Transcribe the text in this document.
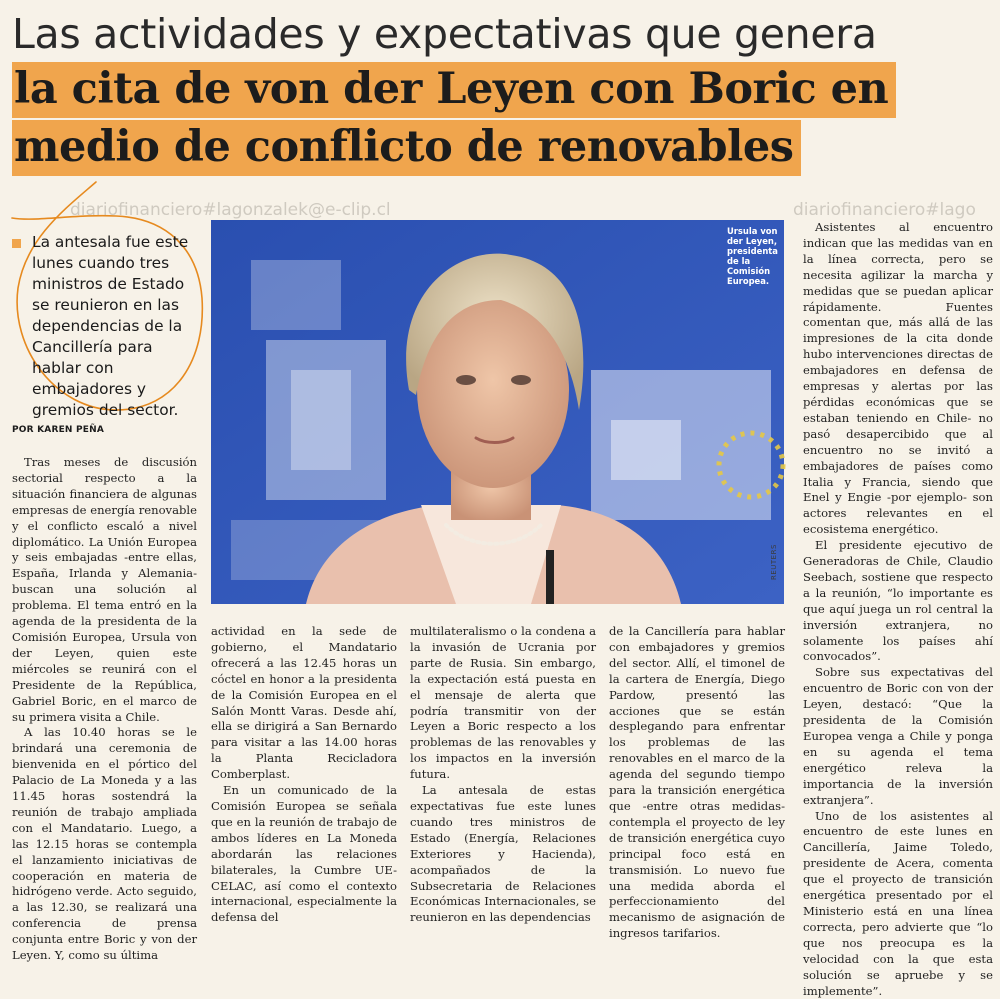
Las actividades y expectativas que genera
la cita de von der Leyen con Boric en
medio de conflicto de renovables
diariofinanciero#lagonzalek@e-clip.cl	diariofinanciero#lago
La antesala fue este lunes cuando tres ministros de Estado se reunieron en las dependencias de la Cancillería para hablar con embajadores y gremios del sector.
POR KAREN PEÑA
Ursula von der Leyen, presidenta de la Comisión Europea.
REUTERS

Tras meses de discusión sectorial respecto a la situación financiera de algunas empresas de energía renovable y el conflicto escaló a nivel diplomático. La Unión Europea y seis embajadas -entre ellas, España, Irlanda y Alemania- buscan una solución al problema. El tema entró en la agenda de la presidenta de la Comisión Europea, Ursula von der Leyen, quien este miércoles se reunirá con el Presidente de la República, Gabriel Boric, en el marco de su primera visita a Chile.

A las 10.40 horas se le brindará una ceremonia de bienvenida en el pórtico del Palacio de La Moneda y a las 11.45 horas sostendrá la reunión de trabajo ampliada con el Mandatario. Luego, a las 12.15 horas se contempla el lanzamiento iniciativas de cooperación en materia de hidrógeno verde. Acto seguido, a las 12.30, se realizará una conferencia de prensa conjunta entre Boric y von der Leyen. Y, como su última

actividad en la sede de gobierno, el Mandatario ofrecerá a las 12.45 horas un cóctel en honor a la presidenta de la Comisión Europea en el Salón Montt Varas. Desde ahí, ella se dirigirá a San Bernardo para visitar a las 14.00 horas la Planta Recicladora Comberplast.

En un comunicado de la Comisión Europea se señala que en la reunión de trabajo de ambos líderes en La Moneda abordarán las relaciones bilaterales, la Cumbre UE-CELAC, así como el contexto internacional, especialmente la defensa del

multilateralismo o la condena a la invasión de Ucrania por parte de Rusia. Sin embargo, la expectación está puesta en el mensaje de alerta que podría transmitir von der Leyen a Boric respecto a los problemas de las renovables y los impactos en la inversión futura.

La antesala de estas expectativas fue este lunes cuando tres ministros de Estado (Energía, Relaciones Exteriores y Hacienda), acompañados de la Subsecretaria de Relaciones Económicas Internacionales, se reunieron en las dependencias

de la Cancillería para hablar con embajadores y gremios del sector. Allí, el timonel de la cartera de Energía, Diego Pardow, presentó las acciones que se están desplegando para enfrentar los problemas de las renovables en el marco de la agenda del segundo tiempo para la transición energética que -entre otras medidas- contempla el proyecto de ley de transición energética cuyo principal foco está en transmisión. Lo nuevo fue una medida aborda el perfeccionamiento del mecanismo de asignación de ingresos tarifarios.

Asistentes al encuentro indican que las medidas van en la línea correcta, pero se necesita agilizar la marcha y medidas que se puedan aplicar rápidamente. Fuentes comentan que, más allá de las impresiones de la cita donde hubo intervenciones directas de embajadores en defensa de empresas y alertas por las pérdidas económicas que se estaban teniendo en Chile- no pasó desapercibido que al encuentro no se invitó a embajadores de países como Italia y Francia, siendo que Enel y Engie -por ejemplo- son actores relevantes en el ecosistema energético.

El presidente ejecutivo de Generadoras de Chile, Claudio Seebach, sostiene que respecto a la reunión, “lo importante es que aquí juega un rol central la inversión extranjera, no solamente los países ahí convocados”.

Sobre sus expectativas del encuentro de Boric con von der Leyen, destacó: “Que la presidenta de la Comisión Europea venga a Chile y ponga en su agenda el tema energético releva la importancia de la inversión extranjera”.

Uno de los asistentes al encuentro de este lunes en Cancillería, Jaime Toledo, presidente de Acera, comenta que el proyecto de transición energética presentado por el Ministerio está en una línea correcta, pero advierte que “lo que nos preocupa es la velocidad con la que esta solución se apruebe y se implemente”.
